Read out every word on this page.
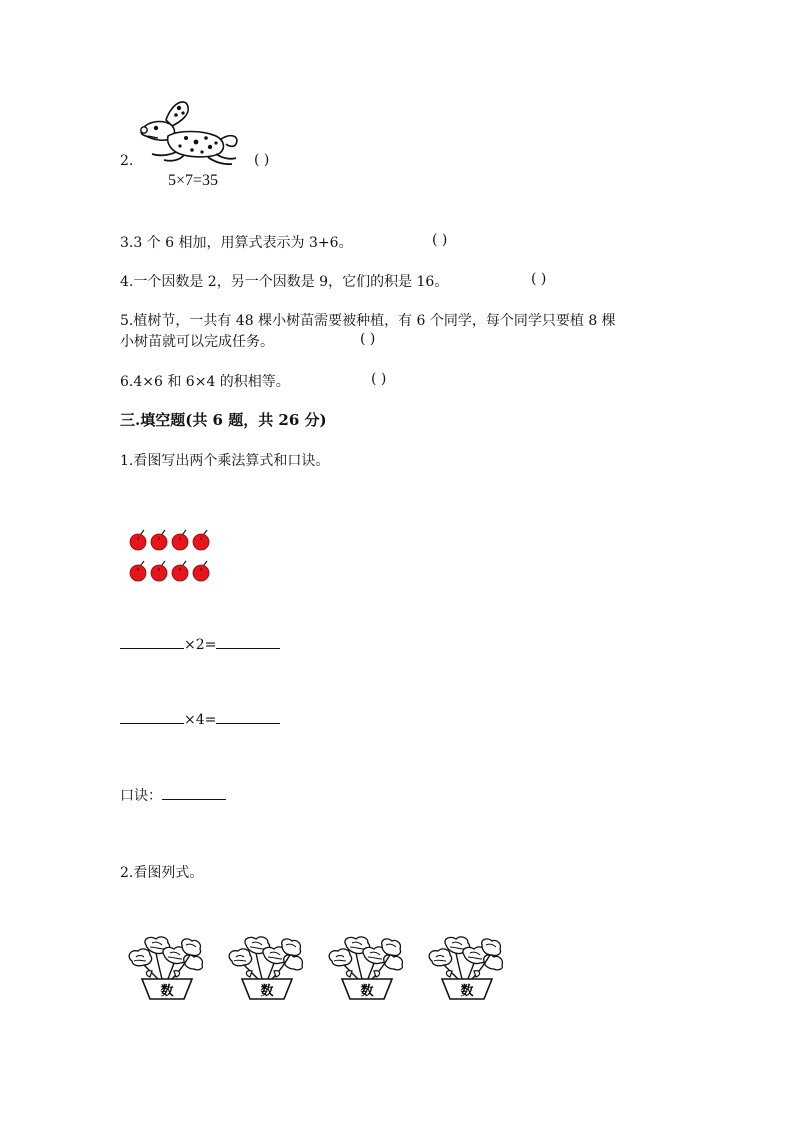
2.
5×7=35
( )
3.3 个 6 相加，用算式表示为 3+6。	( )
4.一个因数是 2，另一个因数是 9，它们的积是 16。	( )
5.植树节，一共有 48 棵小树苗需要被种植，有 6 个同学，每个同学只要植 8 棵
小树苗就可以完成任务。	( )
6.4×6 和 6×4 的积相等。	( )
三.填空题(共 6 题，共 26 分)
1.看图写出两个乘法算式和口诀。
×2=
×4=
口诀：
2.看图列式。
数	数	数	数
